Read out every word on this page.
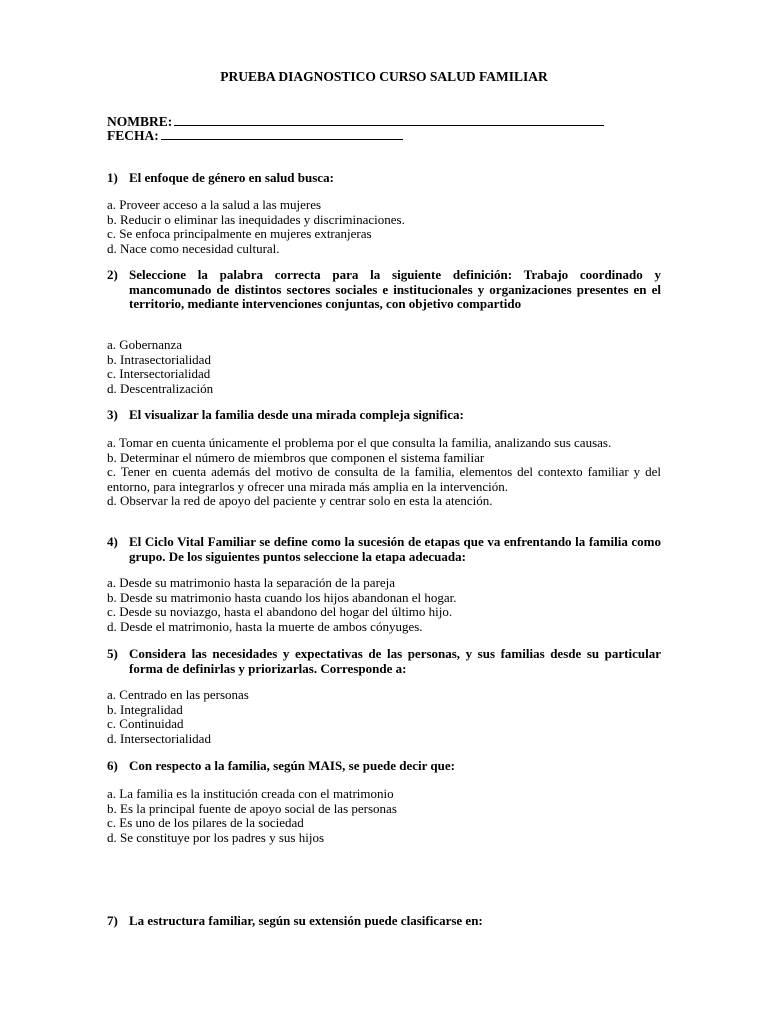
PRUEBA DIAGNOSTICO CURSO SALUD FAMILIAR
NOMBRE:
FECHA:
1) El enfoque de género en salud busca:
a. Proveer acceso a la salud a las mujeres
b. Reducir o eliminar las inequidades y discriminaciones.
c. Se enfoca principalmente en mujeres extranjeras
d. Nace como necesidad cultural.
2) Seleccione la palabra correcta para la siguiente definición: Trabajo coordinado y mancomunado de distintos sectores sociales e institucionales y organizaciones presentes en el territorio, mediante intervenciones conjuntas, con objetivo compartido
a. Gobernanza
b. Intrasectorialidad
c. Intersectorialidad
d. Descentralización
3) El visualizar la familia desde una mirada compleja significa:
a. Tomar en cuenta únicamente el problema por el que consulta la familia, analizando sus causas.
b. Determinar el número de miembros que componen el sistema familiar
c. Tener en cuenta además del motivo de consulta de la familia, elementos del contexto familiar y del entorno, para integrarlos y ofrecer una mirada más amplia en la intervención.
d. Observar la red de apoyo del paciente y centrar solo en esta la atención.
4) El Ciclo Vital Familiar se define como la sucesión de etapas que va enfrentando la familia como grupo. De los siguientes puntos seleccione la etapa adecuada:
a. Desde su matrimonio hasta la separación de la pareja
b. Desde su matrimonio hasta cuando los hijos abandonan el hogar.
c. Desde su noviazgo, hasta el abandono del hogar del último hijo.
d. Desde el matrimonio, hasta la muerte de ambos cónyuges.
5) Considera las necesidades y expectativas de las personas, y sus familias desde su particular forma de definirlas y priorizarlas. Corresponde a:
a. Centrado en las personas
b. Integralidad
c. Continuidad
d. Intersectorialidad
6) Con respecto a la familia, según MAIS, se puede decir que:
a. La familia es la institución creada con el matrimonio
b. Es la principal fuente de apoyo social de las personas
c. Es uno de los pilares de la sociedad
d. Se constituye por los padres y sus hijos
7) La estructura familiar, según su extensión puede clasificarse en:
